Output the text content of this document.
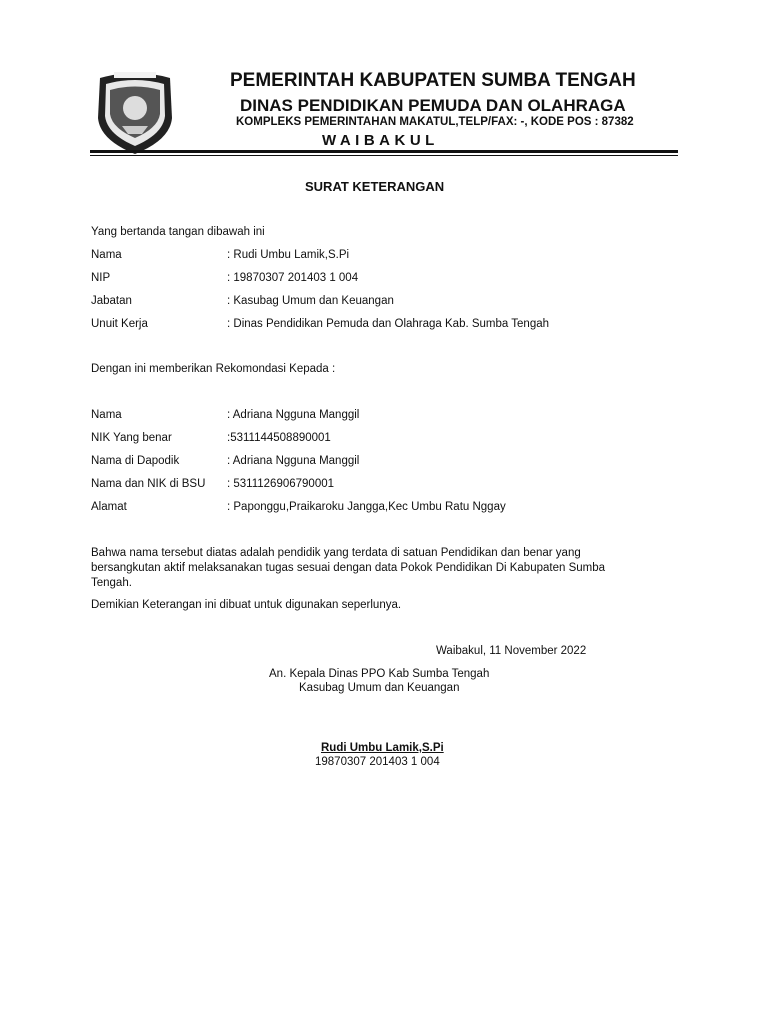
PEMERINTAH KABUPATEN SUMBA TENGAH
DINAS PENDIDIKAN PEMUDA DAN OLAHRAGA
KOMPLEKS PEMERINTAHAN MAKATUL,TELP/FAX: -, KODE POS : 87382
WAIBAKUL
SURAT KETERANGAN
Yang bertanda tangan dibawah ini
Nama	: Rudi Umbu Lamik,S.Pi
NIP	: 19870307 201403 1 004
Jabatan	: Kasubag Umum dan Keuangan
Unuit Kerja	: Dinas Pendidikan Pemuda dan Olahraga Kab. Sumba Tengah
Dengan ini memberikan Rekomondasi Kepada :
Nama	: Adriana Ngguna Manggil
NIK Yang benar	:5311144508890001
Nama di Dapodik	: Adriana Ngguna Manggil
Nama dan NIK di BSU : 5311126906790001
Alamat	: Paponggu,Praikaroku Jangga,Kec Umbu Ratu Nggay
Bahwa nama tersebut diatas adalah pendidik yang terdata di satuan Pendidikan dan benar yang
bersangkutan aktif melaksanakan tugas sesuai dengan data Pokok Pendidikan Di Kabupaten Sumba
Tengah.
Demikian Keterangan ini dibuat untuk digunakan seperlunya.
Waibakul, 11 November 2022
An. Kepala Dinas PPO Kab Sumba Tengah
Kasubag Umum dan Keuangan
Rudi Umbu Lamik,S.Pi
19870307 201403 1 004
